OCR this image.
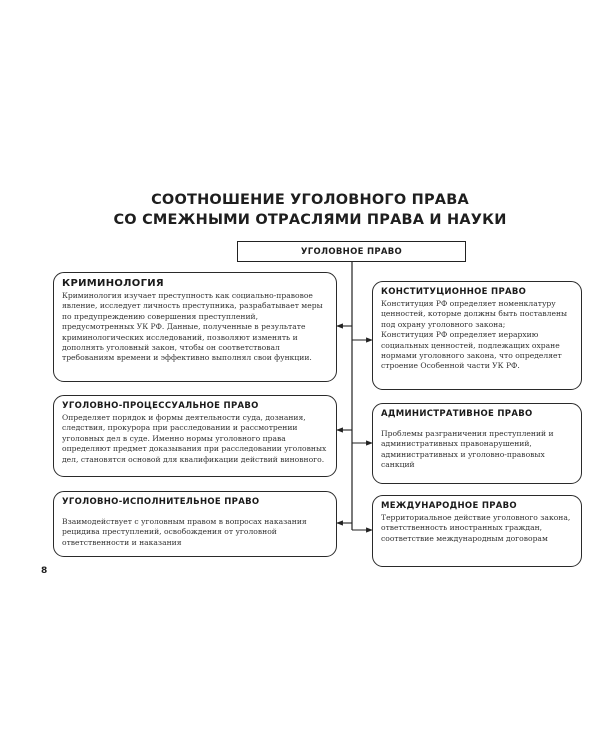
СООТНОШЕНИЕ УГОЛОВНОГО ПРАВА
СО СМЕЖНЫМИ ОТРАСЛЯМИ ПРАВА И НАУКИ
УГОЛОВНОЕ ПРАВО
КРИМИНОЛОГИЯ

Криминология изучает преступность как социально-правовое явление, исследует личность преступника, разрабатывает меры по предупреждению совершения преступлений, предусмотренных УК РФ. Данные, полученные в результате криминологических исследований, позволяют изменять и дополнять уголовный закон, чтобы он соответствовал требованиям времени и эффективно выполнял свои функции.

УГОЛОВНО-ПРОЦЕССУАЛЬНОЕ ПРАВО

Определяет порядок и формы деятельности суда, дознания, следствия, прокурора при расследовании и рассмотрении уголовных дел в суде. Именно нормы уголовного права определяют предмет доказывания при расследовании уголовных дел, становятся основой для квалификации действий виновного.

УГОЛОВНО-ИСПОЛНИТЕЛЬНОЕ ПРАВО

Взаимодействует с уголовным правом в вопросах наказания рецидива преступлений, освобождения от уголовной ответственности и наказания

КОНСТИТУЦИОННОЕ ПРАВО

Конституция РФ определяет номенклатуру ценностей, которые должны быть поставлены под охрану уголовного закона;

Конституция РФ определяет иерархию социальных ценностей, подлежащих охране нормами уголовного закона, что определяет строение Особенной части УК РФ.

АДМИНИСТРАТИВНОЕ ПРАВО

Проблемы разграничения преступлений и административных правонарушений, административных и уголовно-правовых санкций

МЕЖДУНАРОДНОЕ ПРАВО

Территориальное действие уголовного закона, ответственность иностранных граждан, соответствие международным договорам

8
